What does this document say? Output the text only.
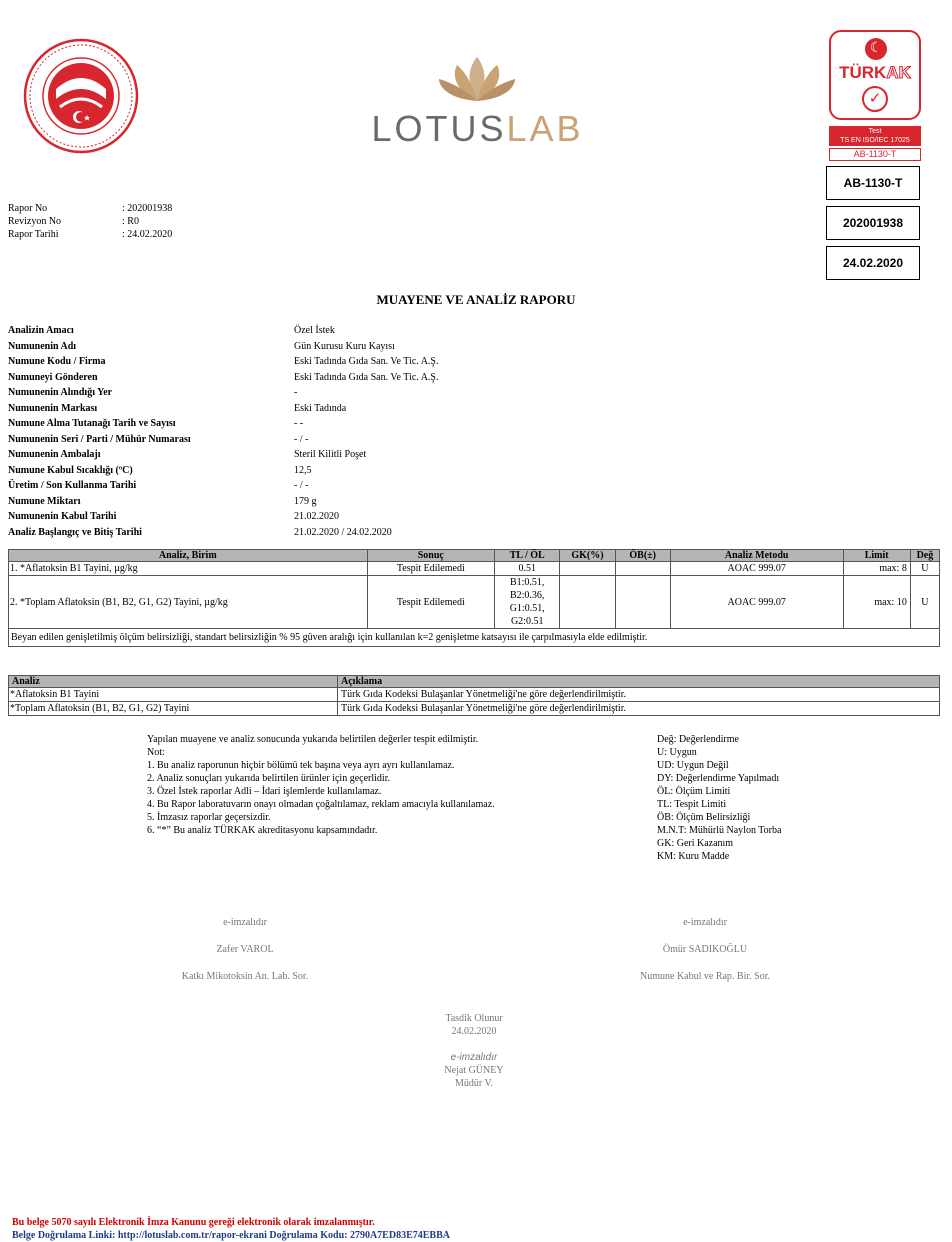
LOTUSLAB
☾
TÜRKAK
✓
Test
TS EN ISO/IEC 17025
AB-1130-T
AB-1130-T
202001938
24.02.2020
Rapor No	: 202001938
Revizyon No	: R0
Rapor Tarihi	: 24.02.2020
MUAYENE VE ANALİZ RAPORU
Analizin Amacı	Özel İstek
Numunenin Adı	Gün Kurusu Kuru Kayısı
Numune Kodu / Firma	Eski Tadında Gıda San. Ve Tic. A.Ş.
Numuneyi Gönderen	Eski Tadında Gıda San. Ve Tic. A.Ş.
Numunenin Alındığı Yer	-
Numunenin Markası	Eski Tadında
Numune Alma Tutanağı Tarih ve Sayısı	- -
Numunenin Seri / Parti / Mühür Numarası	- / -
Numunenin Ambalajı	Steril Kilitli Poşet
Numune Kabul Sıcaklığı (ºC)	12,5
Üretim / Son Kullanma Tarihi	- / -
Numune Miktarı	179 g
Numunenin Kabul Tarihi	21.02.2020
Analiz Başlangıç ve Bitiş Tarihi	21.02.2020 / 24.02.2020
Analiz, Birim	Sonuç	TL / ÖL	GK(%)	ÖB(±)	Analiz Metodu	Limit	Değ
1. *Aflatoksin B1 Tayini, µg/kg	Tespit Edilemedi	0.51			AOAC 999.07	max: 8	U
2. *Toplam Aflatoksin (B1, B2, G1, G2) Tayini, µg/kg	Tespit Edilemedi	B1:0.51,
B2:0.36,
G1:0.51,
G2:0.51			AOAC 999.07	max: 10	U
Beyan edilen genişletilmiş ölçüm belirsizliği, standart belirsizliğin % 95 güven aralığı için kullanılan k=2 genişletme katsayısı ile çarpılmasıyla elde edilmiştir.							
Analiz	Açıklama
*Aflatoksin B1 Tayini	Türk Gıda Kodeksi Bulaşanlar Yönetmeliği'ne göre değerlendirilmiştir.
*Toplam Aflatoksin (B1, B2, G1, G2) Tayini	Türk Gıda Kodeksi Bulaşanlar Yönetmeliği'ne göre değerlendirilmiştir.
Yapılan muayene ve analiz sonucunda yukarıda belirtilen değerler tespit edilmiştir.
Not:
1. Bu analiz raporunun hiçbir bölümü tek başına veya ayrı ayrı kullanılamaz.
2. Analiz sonuçları yukarıda belirtilen ürünler için geçerlidir.
3. Özel İstek raporlar Adli – İdari işlemlerde kullanılamaz.
4. Bu Rapor laboratuvarın onayı olmadan çoğaltılamaz, reklam amacıyla kullanılamaz.
5. İmzasız raporlar geçersizdir.
6. “*” Bu analiz TÜRKAK akreditasyonu kapsamındadır.
Değ: Değerlendirme
U: Uygun
UD: Uygun Değil
DY: Değerlendirme Yapılmadı
ÖL: Ölçüm Limiti
TL: Tespit Limiti
ÖB: Ölçüm Belirsizliği
M.N.T: Mühürlü Naylon Torba
GK: Geri Kazanım
KM: Kuru Madde
e-imzalıdır
Zafer VAROL
Katkı Mikotoksin An. Lab. Sor.
e-imzalıdır
Ömür SADIKOĞLU
Numune Kabul ve Rap. Bir. Sor.
Tasdik Olunur
24.02.2020
e-imzalıdır
Nejat GÜNEY
Müdür V.
Bu belge 5070 sayılı Elektronik İmza Kanunu gereği elektronik olarak imzalanmıştır.
Belge Doğrulama Linki: http://lotuslab.com.tr/rapor-ekrani Doğrulama Kodu: 2790A7ED83E74EBBA
